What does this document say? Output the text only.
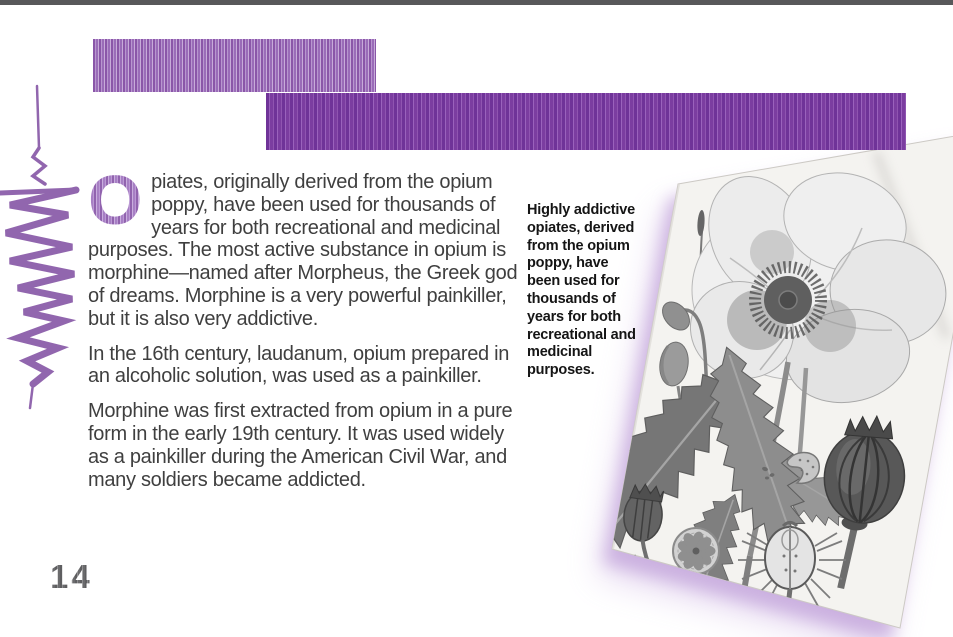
O piates, originally derived from the opium poppy, have been used for thousands of years for both recreational and medicinal purposes. The most active substance in opium is morphine—named after Morpheus, the Greek god of dreams. Morphine is a very powerful painkiller, but it is also very addictive.

In the 16th century, laudanum, opium prepared in an alcoholic solution, was used as a painkiller.

Morphine was first extracted from opium in a pure form in the early 19th century. It was used widely as a painkiller during the American Civil War, and many soldiers became addicted.

Highly addictive opiates, derived from the opium poppy, have been used for thousands of years for both recreational and medicinal purposes.
14
